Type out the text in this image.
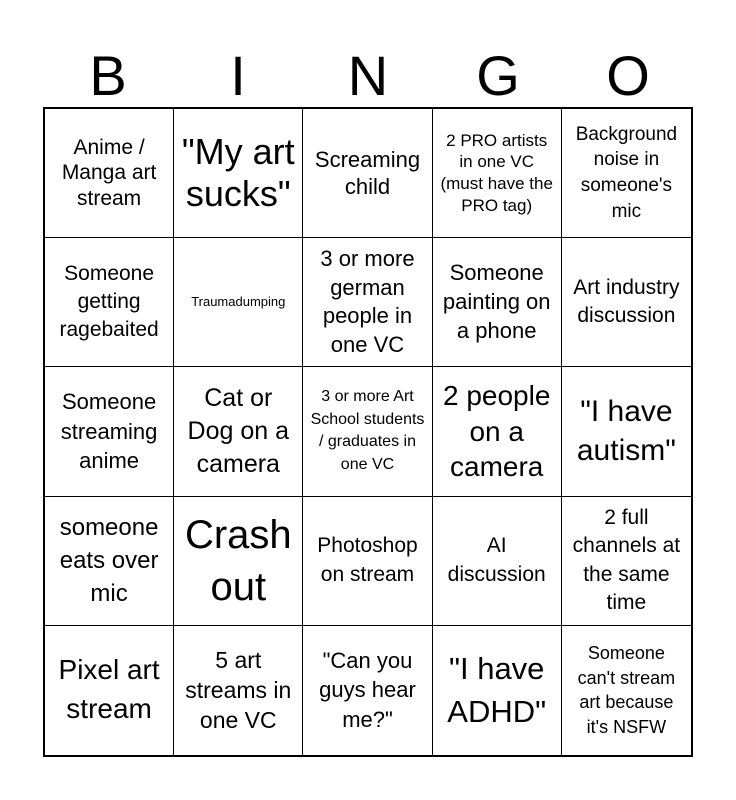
B	I	N	G	O
Anime / Manga art stream
"My art sucks"
Screaming child
2 PRO artists in one VC (must have the PRO tag)
Background noise in someone's mic
Someone getting ragebaited
Traumadumping
3 or more german people in one VC
Someone painting on a phone
Art industry discussion
Someone streaming anime
Cat or Dog on a camera
3 or more Art School students / graduates in one VC
2 people on a camera
"I have autism"
someone eats over mic
Crash out
Photoshop on stream
AI discussion
2 full channels at the same time
Pixel art stream
5 art streams in one VC
"Can you guys hear me?"
"I have ADHD"
Someone can't stream art because it's NSFW
